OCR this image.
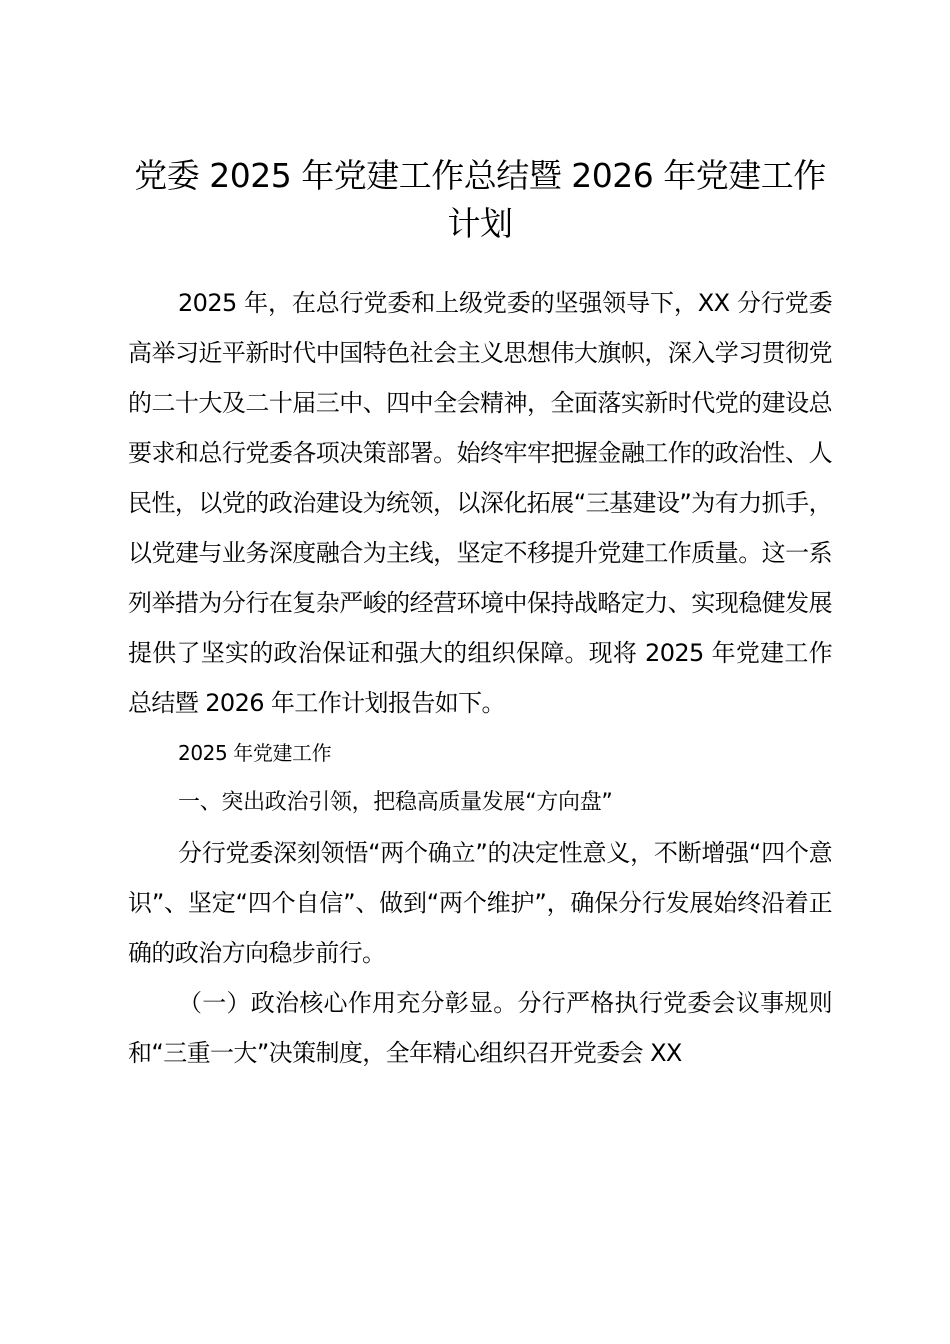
党委 2025 年党建工作总结暨 2026 年党建工作计划

2025 年，在总行党委和上级党委的坚强领导下，XX 分行党委高举习近平新时代中国特色社会主义思想伟大旗帜，深入学习贯彻党的二十大及二十届三中、四中全会精神，全面落实新时代党的建设总要求和总行党委各项决策部署。始终牢牢把握金融工作的政治性、人民性，以党的政治建设为统领，以深化拓展“三基建设”为有力抓手，以党建与业务深度融合为主线，坚定不移提升党建工作质量。这一系列举措为分行在复杂严峻的经营环境中保持战略定力、实现稳健发展提供了坚实的政治保证和强大的组织保障。现将 2025 年党建工作总结暨 2026 年工作计划报告如下。

2025 年党建工作

一、突出政治引领，把稳高质量发展“方向盘”

分行党委深刻领悟“两个确立”的决定性意义，不断增强“四个意识”、坚定“四个自信”、做到“两个维护”，确保分行发展始终沿着正确的政治方向稳步前行。

（一）政治核心作用充分彰显。分行严格执行党委会议事规则和“三重一大”决策制度，全年精心组织召开党委会 XX
